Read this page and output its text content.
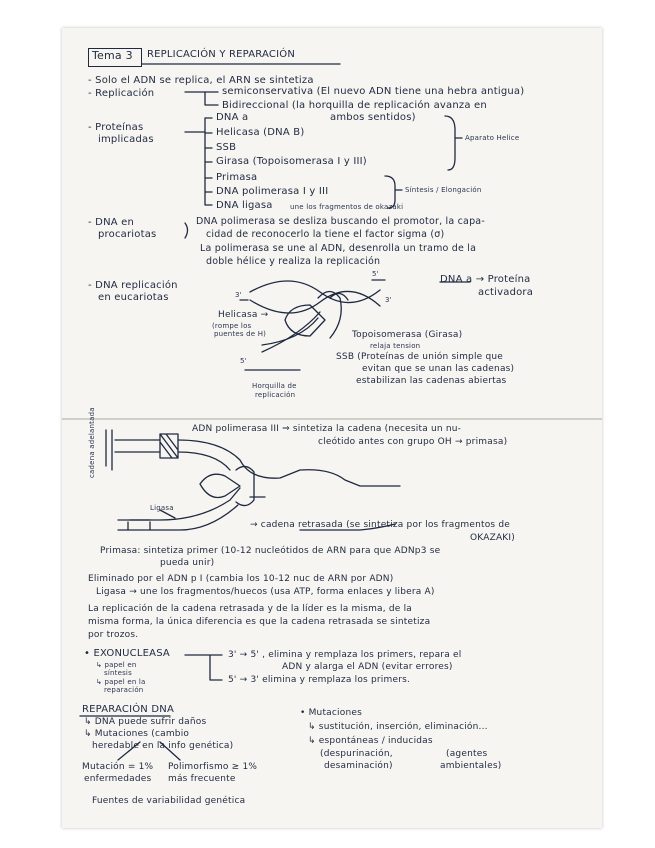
Tema 3 REPLICACIÓN Y REPARACIÓN
- Solo el ADN se replica, el ARN se sintetiza
- Replicación	semiconservativa (El nuevo ADN tiene una hebra antigua)
Bidireccional (la horquilla de replicación avanza en
ambos sentidos)
- Proteínas
implicadas
DNA a
Helicasa (DNA B)
SSB
Girasa (Topoisomerasa I y III)
Primasa
DNA polimerasa I y III
DNA ligasa une los fragmentos de okazaki
Aparato Helice
Síntesis / Elongación
- DNA en
procariotas
DNA polimerasa se desliza buscando el promotor, la capa-
cidad de reconocerlo la tiene el factor sigma (σ)
La polimerasa se une al ADN, desenrolla un tramo de la
doble hélice y realiza la replicación
- DNA replicación
en eucariotas
5'
3'
3'
5'
DNA a → Proteína
activadora
Helicasa →
(rompe los
puentes de H)	Topoisomerasa (Girasa)
relaja tension
SSB (Proteínas de unión simple que
evitan que se unan las cadenas)
estabilizan las cadenas abiertas
Horquilla de
replicación
cadena adelantada	ADN polimerasa III ⇒ sintetiza la cadena (necesita un nu-
cleótido antes con grupo OH → primasa)
Ligasa
→ cadena retrasada (se sintetiza por los fragmentos de
OKAZAKI)
Primasa: sintetiza primer (10-12 nucleótidos de ARN para que ADNp3 se
pueda unir)
Eliminado por el ADN p I (cambia los 10-12 nuc de ARN por ADN)
Ligasa → une los fragmentos/huecos (usa ATP, forma enlaces y libera A)
La replicación de la cadena retrasada y de la líder es la misma, de la
misma forma, la única diferencia es que la cadena retrasada se sintetiza
por trozos.
• EXONUCLEASA
↳ papel en
síntesis
↳ papel en la
reparación
3' → 5' , elimina y remplaza los primers, repara el
ADN y alarga el ADN (evitar errores)
5' → 3' elimina y remplaza los primers.
REPARACIÓN DNA
↳ DNA puede sufrir daños
↳ Mutaciones (cambio
heredable en la info genética)
Mutación = 1%
enfermedades
Polimorfismo ≥ 1%
más frecuente
Fuentes de variabilidad genética
• Mutaciones
↳ sustitución, inserción, eliminación...
↳ espontáneas / inducidas
(despurinación,
desaminación)
(agentes
ambientales)
